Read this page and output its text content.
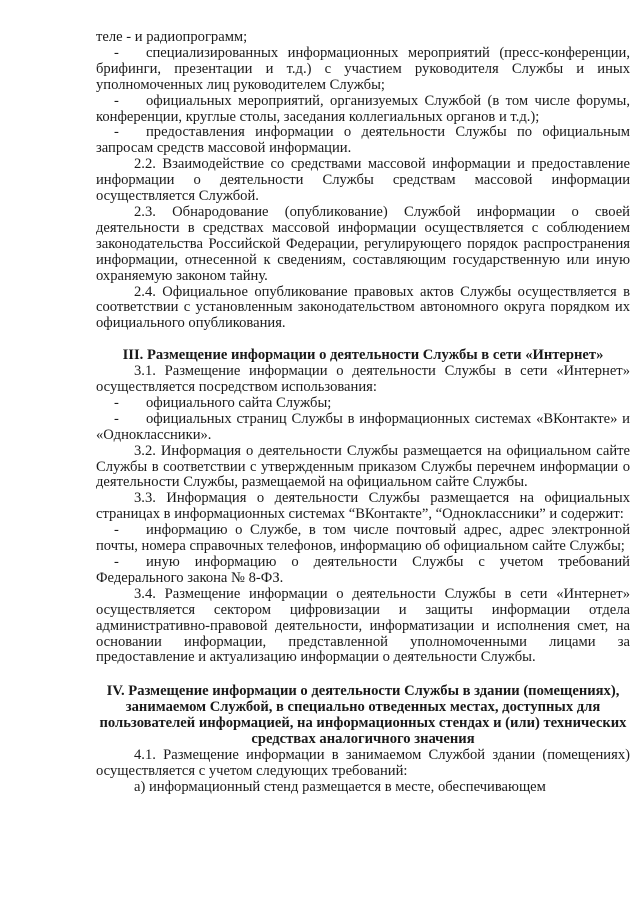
теле - и радиопрограмм;

- специализированных информационных мероприятий (пресс-конференции, брифинги, презентации и т.д.) с участием руководителя Службы и иных уполномоченных лиц руководителем Службы;

- официальных мероприятий, организуемых Службой (в том числе форумы, конференции, круглые столы, заседания коллегиальных органов и т.д.);

- предоставления информации о деятельности Службы по официальным запросам средств массовой информации.

2.2. Взаимодействие со средствами массовой информации и предоставление информации о деятельности Службы средствам массовой информации осуществляется Службой.

2.3. Обнародование (опубликование) Службой информации о своей деятельности в средствах массовой информации осуществляется с соблюдением законодательства Российской Федерации, регулирующего порядок распространения информации, отнесенной к сведениям, составляющим государственную или иную охраняемую законом тайну.

2.4. Официальное опубликование правовых актов Службы осуществляется в соответствии с установленным законодательством автономного округа порядком их официального опубликования.

III. Размещение информации о деятельности Службы в сети «Интернет»

3.1. Размещение информации о деятельности Службы в сети «Интернет» осуществляется посредством использования:

- официального сайта Службы;

- официальных страниц Службы в информационных системах «ВКонтакте» и «Одноклассники».

3.2. Информация о деятельности Службы размещается на официальном сайте Службы в соответствии с утвержденным приказом Службы перечнем информации о деятельности Службы, размещаемой на официальном сайте Службы.

3.3. Информация о деятельности Службы размещается на официальных страницах в информационных системах “ВКонтакте”, “Одноклассники” и содержит:

- информацию о Службе, в том числе почтовый адрес, адрес электронной почты, номера справочных телефонов, информацию об официальном сайте Службы;

- иную информацию о деятельности Службы с учетом требований Федерального закона № 8-ФЗ.

3.4. Размещение информации о деятельности Службы в сети «Интернет» осуществляется сектором цифровизации и защиты информации отдела административно-правовой деятельности, информатизации и исполнения смет, на основании информации, представленной уполномоченными лицами за предоставление и актуализацию информации о деятельности Службы.

IV. Размещение информации о деятельности Службы в здании (помещениях), занимаемом Службой, в специально отведенных местах, доступных для пользователей информацией, на информационных стендах и (или) технических средствах аналогичного значения

4.1. Размещение информации в занимаемом Службой здании (помещениях) осуществляется с учетом следующих требований:

а) информационный стенд размещается в месте, обеспечивающем
